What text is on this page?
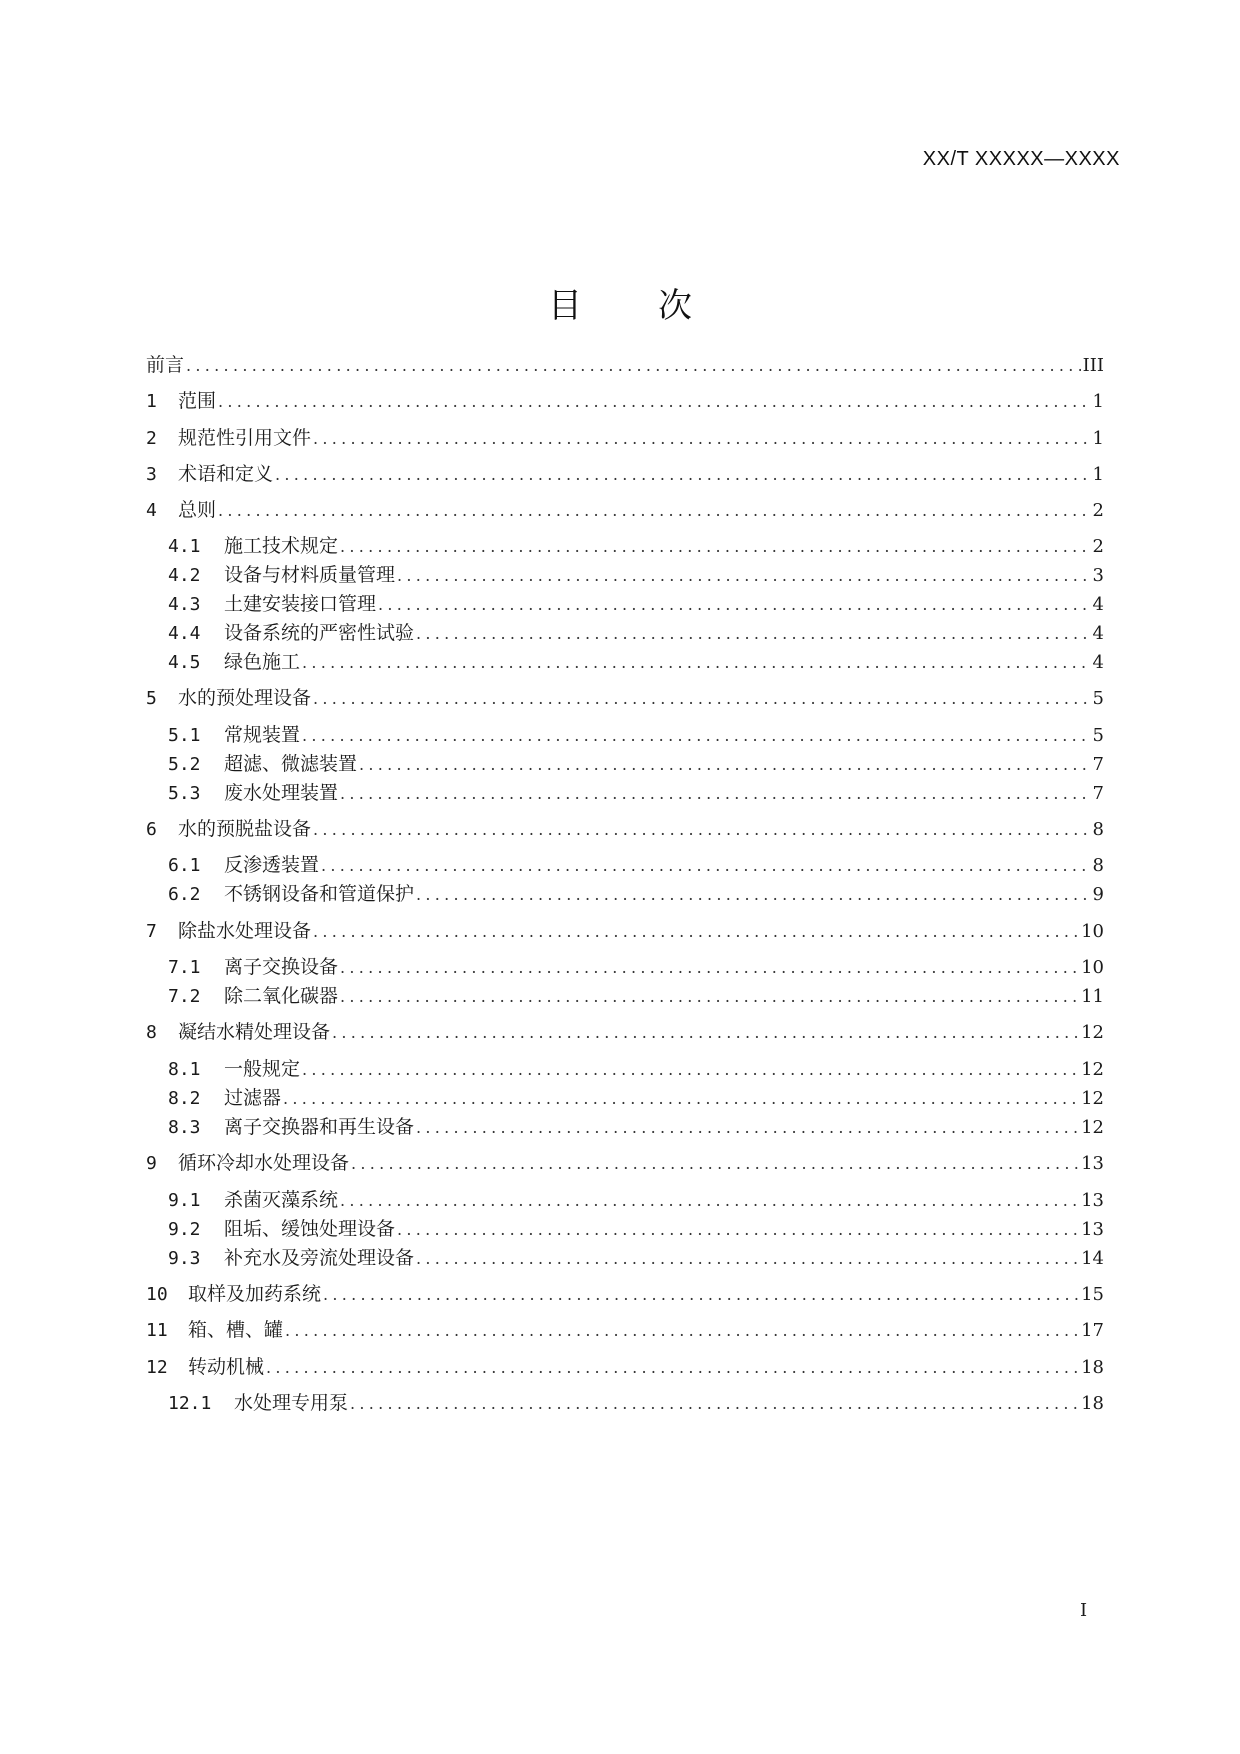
XX/T XXXXX—XXXX
目 次
前言 .....	III
1	范围 .....	1
2	规范性引用文件 .....	1
3	术语和定义 .....	1
4	总则 .....	2
4.1	施工技术规定 .....	2
4.2	设备与材料质量管理 .....	3
4.3	土建安装接口管理 .....	4
4.4	设备系统的严密性试验 .....	4
4.5	绿色施工 .....	4
5	水的预处理设备 .....	5
5.1	常规装置 .....	5
5.2	超滤、微滤装置 .....	7
5.3	废水处理装置 .....	7
6	水的预脱盐设备 .....	8
6.1	反渗透装置 .....	8
6.2	不锈钢设备和管道保护 .....	9
7	除盐水处理设备 .....	10
7.1	离子交换设备 .....	10
7.2	除二氧化碳器 .....	11
8	凝结水精处理设备 .....	12
8.1	一般规定 .....	12
8.2	过滤器 .....	12
8.3	离子交换器和再生设备 .....	12
9	循环冷却水处理设备 .....	13
9.1	杀菌灭藻系统 .....	13
9.2	阻垢、缓蚀处理设备 .....	13
9.3	补充水及旁流处理设备 .....	14
10	取样及加药系统 .....	15
11	箱、槽、罐 .....	17
12	转动机械 .....	18
12.1	水处理专用泵 .....	18
I
